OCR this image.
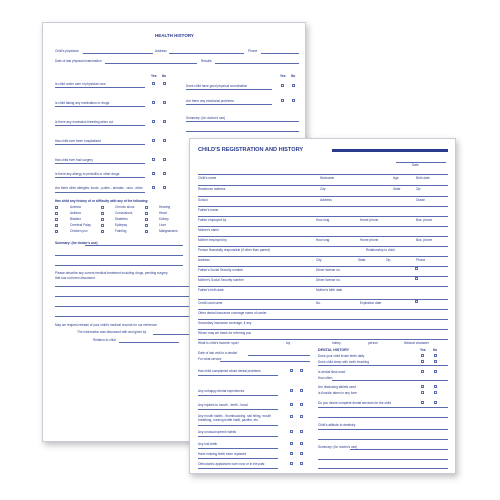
HEALTH HISTORY
Child's physician	Address	Phone
Date of last physical examination	Results
Yes No	Yes No
Is child under care of physician now
Is child taking any medication or drugs
Is there any excessive bleeding when cut
Has child ever been hospitalized
Has child ever had surgery
Is there any allergy to penicillin or other drugs
Are there other allergies: foods - pollen - animals - dust - other
Does child have good physical coordination
Are there any emotional problems
Summary: (for doctor's use)
Has child any history of or difficulty with any of the following:
Anemia	Chronic sinus	Hearing
Asthma	Convulsions	Heart
Bladder	Diabetes	Kidney
Cerebral Palsy	Epilepsy	Liver
Chicken pox	Fainting	Malignancies
Summary: (for doctor's use)
Please describe any current medical treatment including drugs, pending surgery
that has not been discussed.
May we request release of your child's medical records for our reference
The information was discussed with and given by
Relation to child
CHILD'S REGISTRATION AND HISTORY
Date
Child's name	Nickname	Age	Birth date
Residence address	City	State	Zip
School	Address	Grade
Father's name
Father employed by	How long	Home phone	Bus. phone
Mother's name
Mother employed by	How long	Home phone	Bus. phone
Person financially responsible (if other than parent)	Relationship to child
Address	City	State	Zip	Phone
Father's Social Security number	Driver license no.
Mother's Social Security number	Driver license no.
Father's birth date	Mother's birth date
Credit card name	No.	Expiration date
Other dental insurance coverage name of carrier
Secondary insurance coverage, if any
Whom may we thank for referring you
What is child's favorite: sport	toy	hobby	person	fictional character
DENTAL HISTORY	Yes No
Date of last visit to a dentist
For what service
Has child complained about dental problems
Any unhappy dental experiences
Any injuries to mouth - teeth - head
Any mouth habits - thumbsucking, nail biting, mouth breathing, nursing bottle habit, pacifier, etc.
Any unusual speech habits
Any lost teeth
Have missing teeth been replaced
Orthodontic appliances worn now or in the past
Does your child brush teeth daily
Does child sleep with tooth brushing
Is dental floss used
How often
Are disclosing tablets used
Is fluoride taken in any form
Do you desire complete dental services for the child
Child's attitude to dentistry
Summary: (for doctor's use)
